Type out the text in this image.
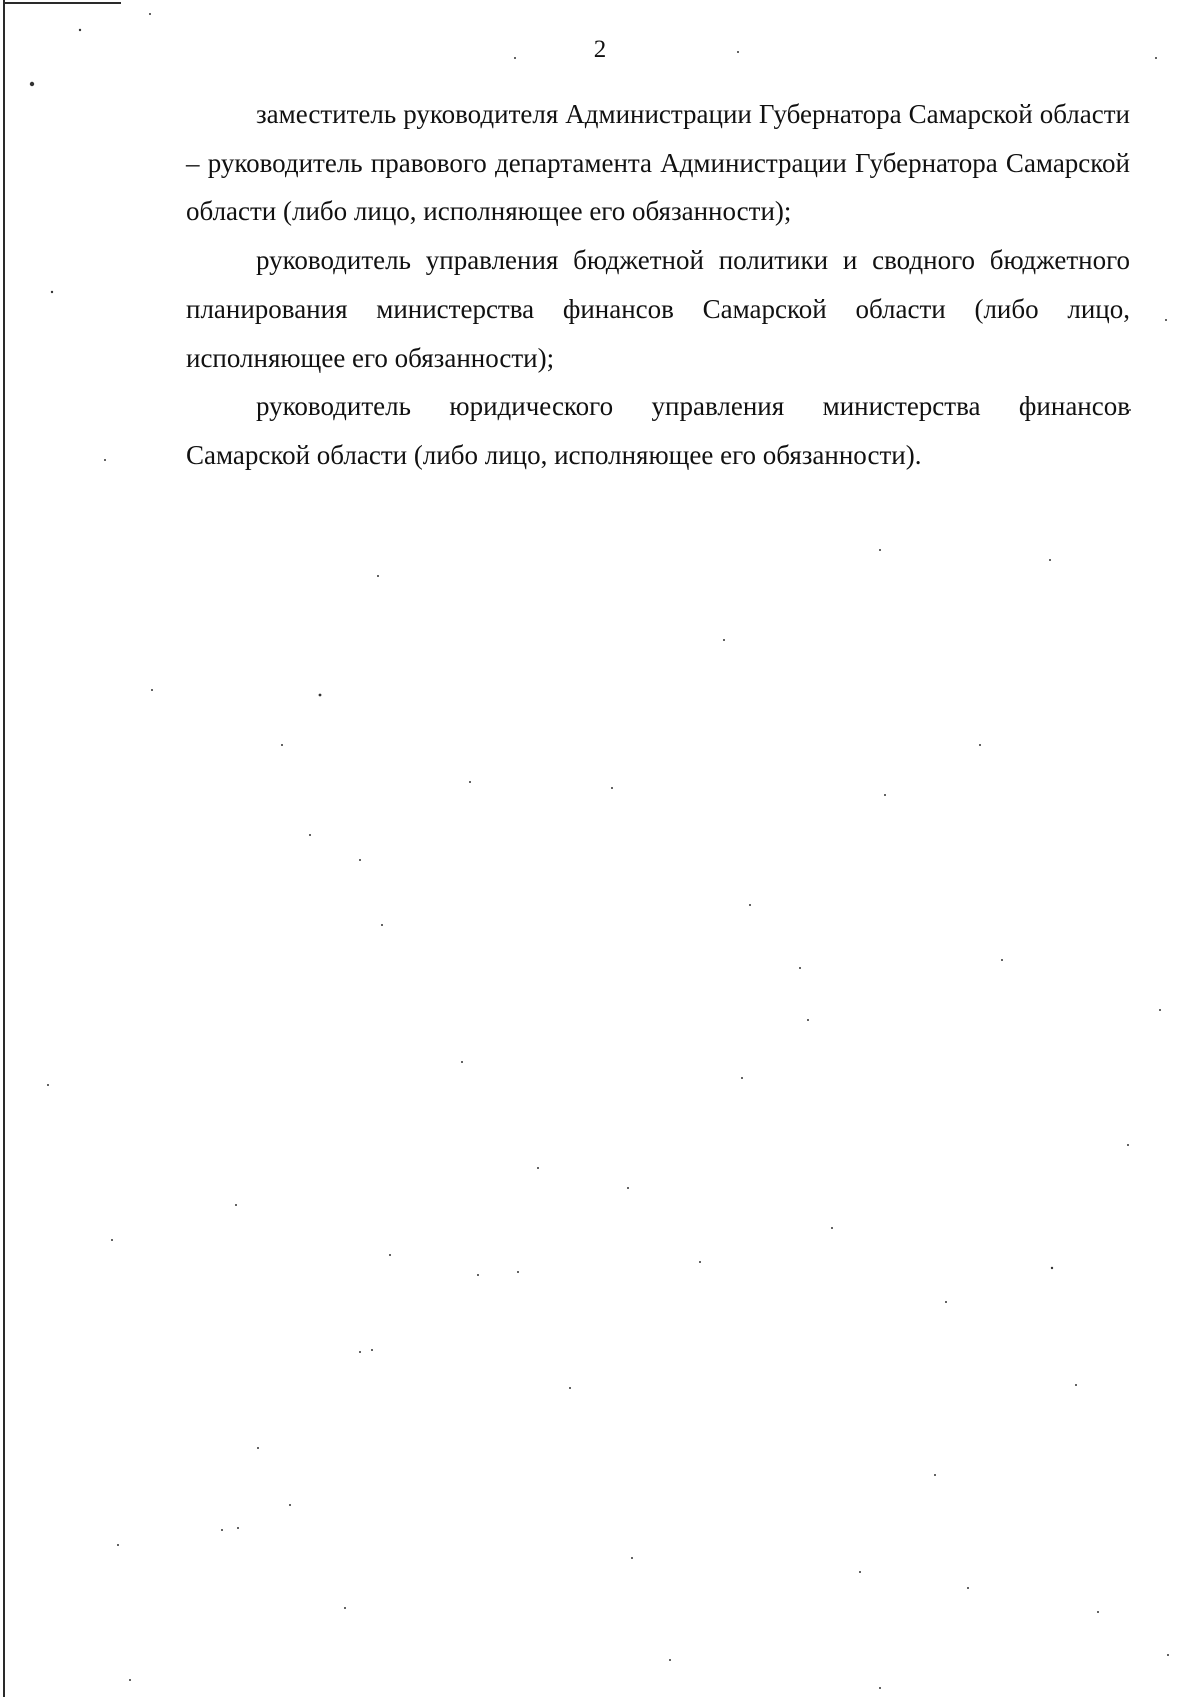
2

заместитель руководителя Администрации Губернатора Самарской области – руководитель правового департамента Администрации Губернатора Самарской области (либо лицо, исполняющее его обязанности);

руководитель управления бюджетной политики и сводного бюджетного планирования министерства финансов Самарской области (либо лицо, исполняющее его обязанности);

руководитель юридического управления министерства финансов Самарской области (либо лицо, исполняющее его обязанности).
